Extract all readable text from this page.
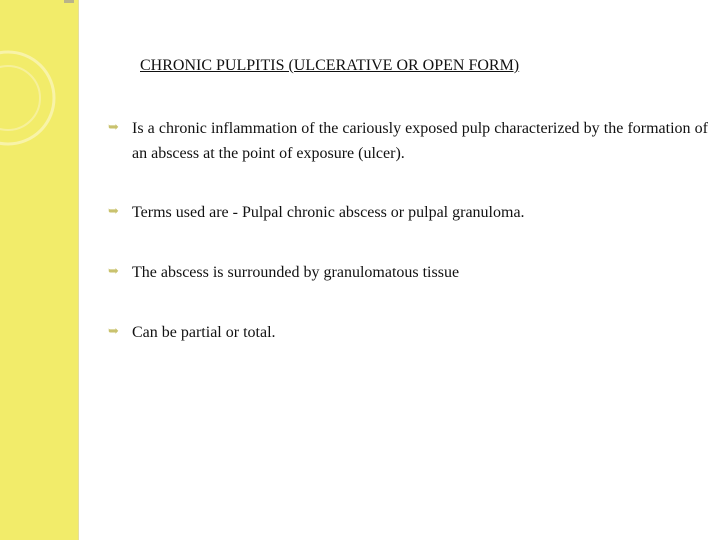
CHRONIC PULPITIS (ULCERATIVE OR OPEN FORM)
➥ Is a chronic inflammation of the cariously exposed pulp characterized by the formation of an abscess at the point of exposure (ulcer).
➥ Terms used are - Pulpal chronic abscess or pulpal granuloma.
➥ The abscess is surrounded by granulomatous tissue
➥ Can be partial or total.
